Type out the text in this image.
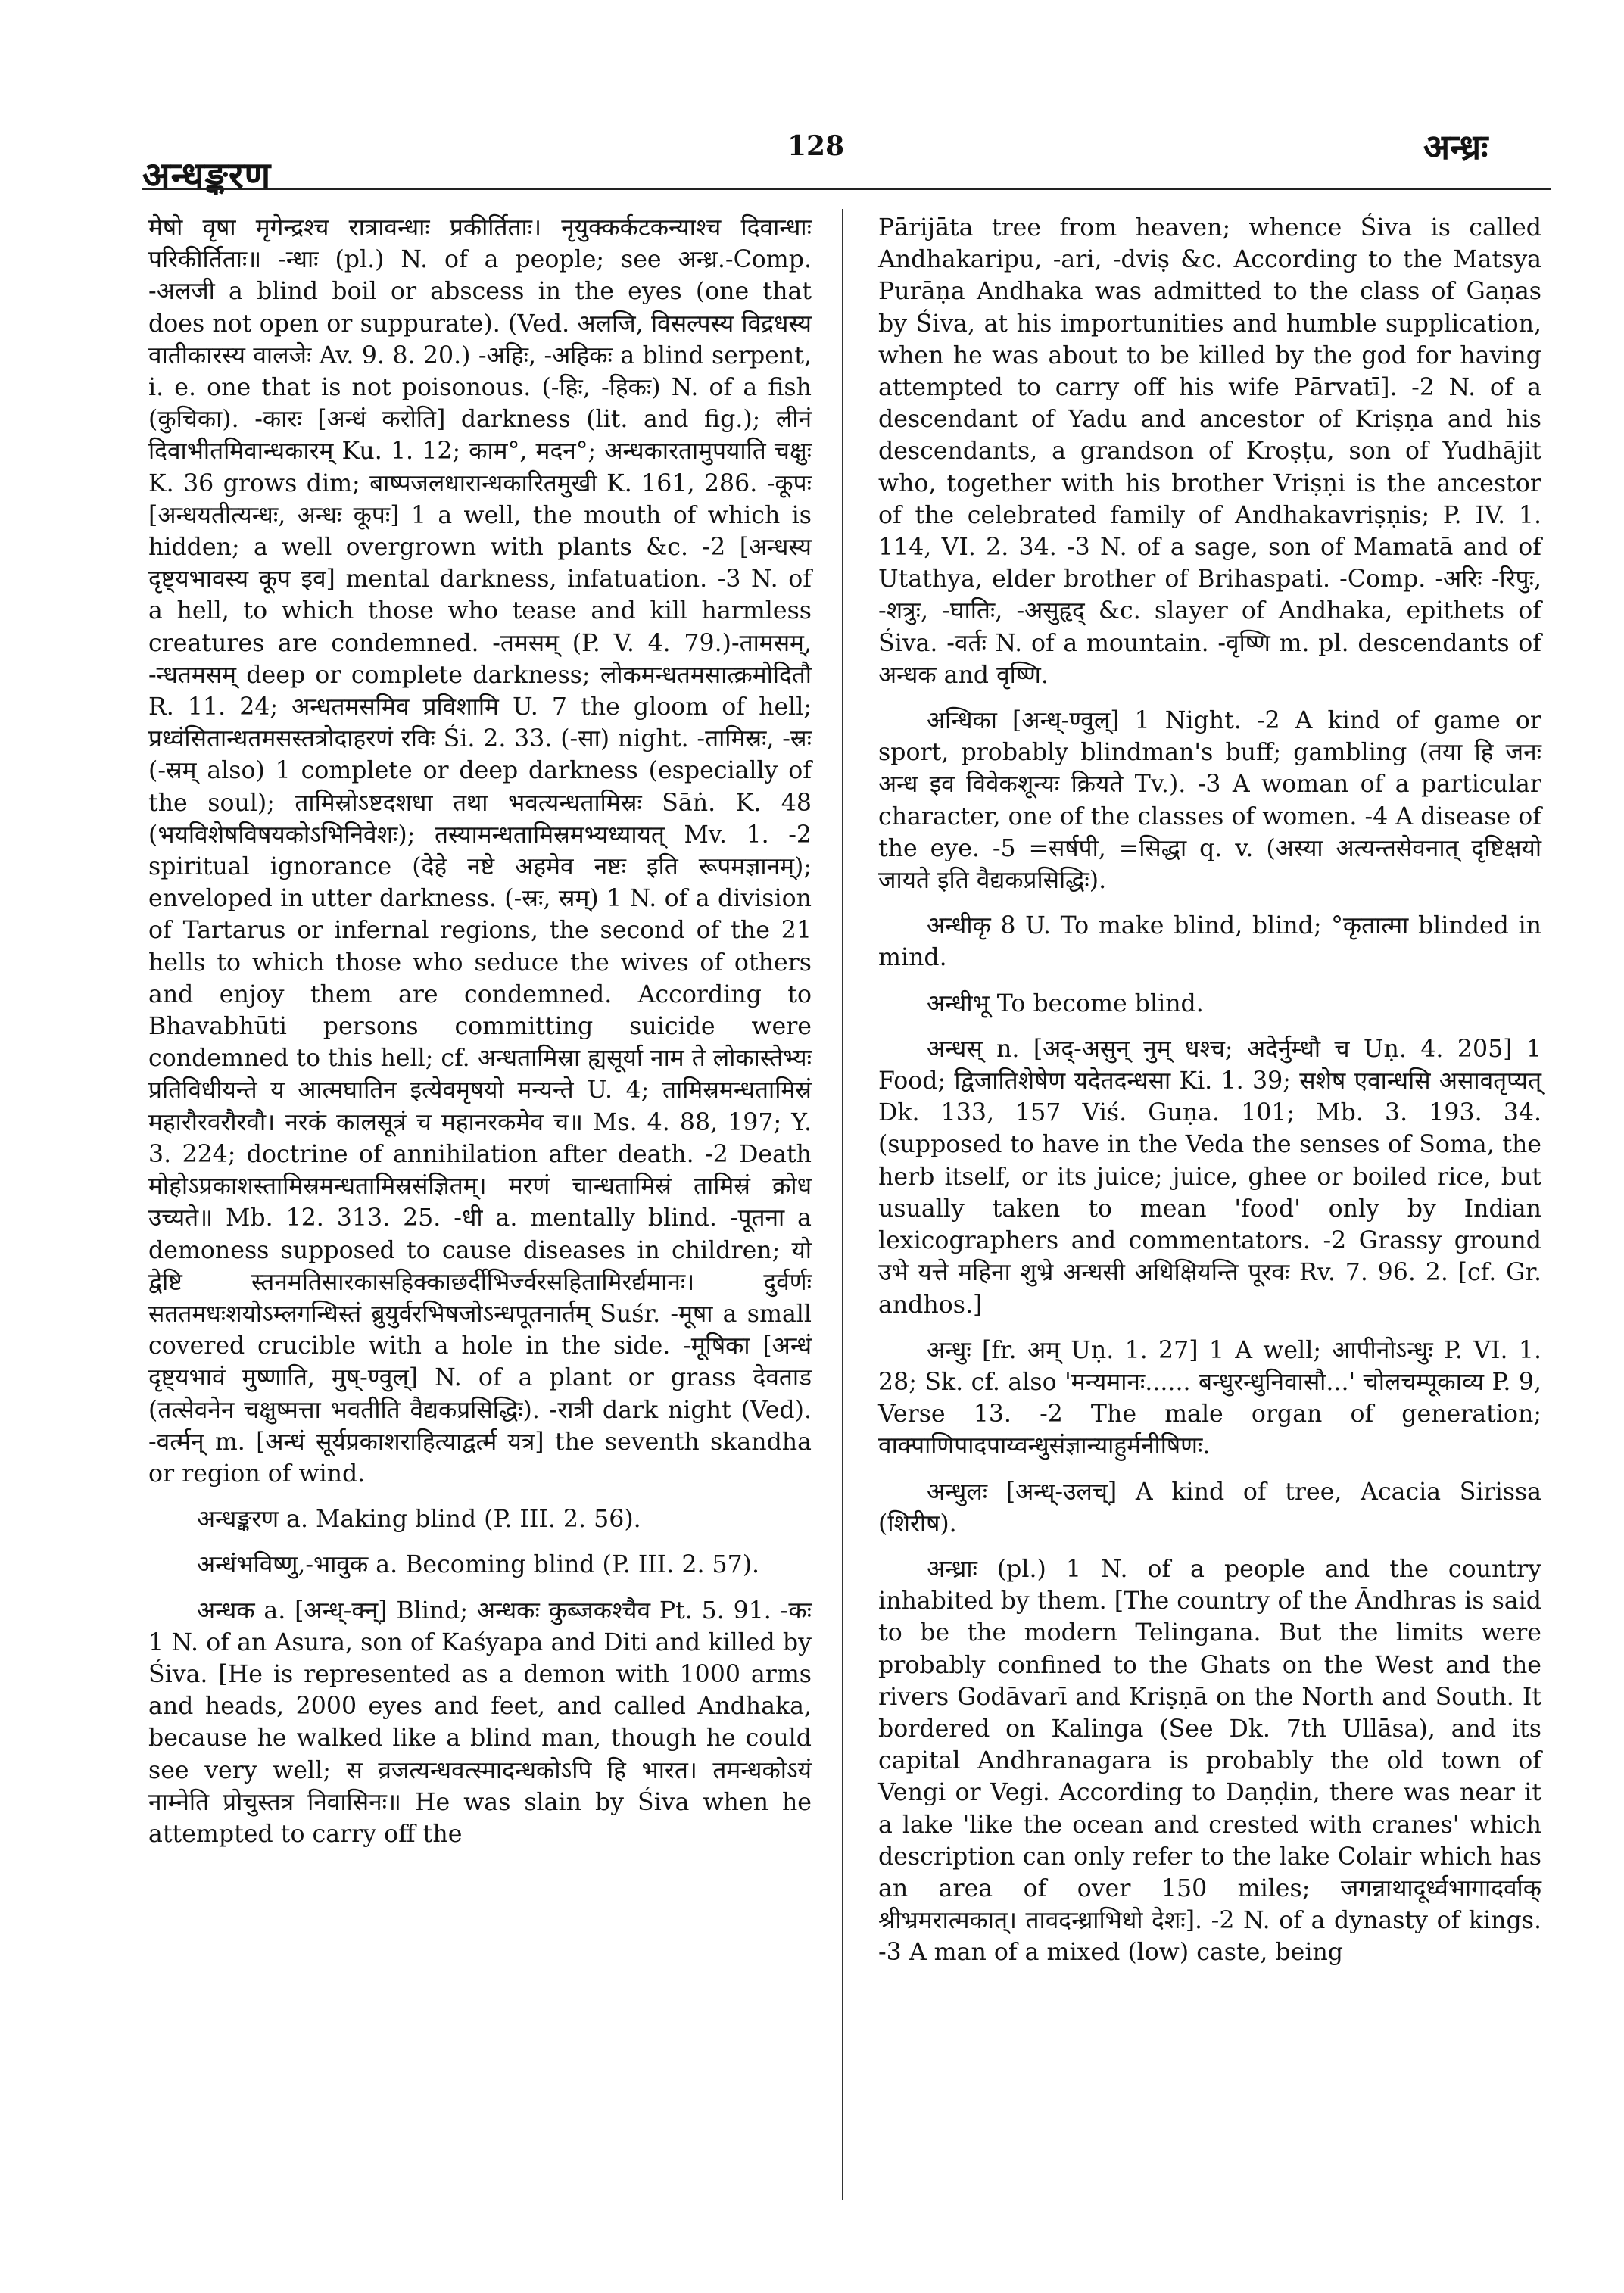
अन्धङ्करण
128	अन्ध्रः

मेषो वृषा मृगेन्द्रश्च रात्रावन्धाः प्रकीर्तिताः। नृयुक्कर्कटकन्याश्च दिवान्धाः परिकीर्तिताः॥ -न्धाः (pl.) N. of a people; see अन्ध्र.-Comp. -अलजी a blind boil or abscess in the eyes (one that does not open or suppurate). (Ved. अलजि, विसल्पस्य विद्रधस्य वातीकारस्य वालजेः Av. 9. 8. 20.) -अहिः, -अहिकः a blind serpent, i. e. one that is not poisonous. (-हिः, -हिकः) N. of a fish (कुचिका). -कारः [अन्धं करोति] darkness (lit. and fig.); लीनं दिवाभीतमिवान्धकारम् Ku. 1. 12; काम°, मदन°; अन्धकारतामुपयाति चक्षुः K. 36 grows dim; बाष्पजलधारान्धकारितमुखी K. 161, 286. -कूपः [अन्धयतीत्यन्धः, अन्धः कूपः] 1 a well, the mouth of which is hidden; a well overgrown with plants &c. -2 [अन्धस्य दृष्ट्यभावस्य कूप इव] mental darkness, infatuation. -3 N. of a hell, to which those who tease and kill harmless creatures are condemned. -तमसम् (P. V. 4. 79.)-तामसम्, -न्धतमसम् deep or complete darkness; लोकमन्धतमसात्क्रमोदितौ R. 11. 24; अन्धतमसमिव प्रविशामि U. 7 the gloom of hell; प्रध्वंसितान्धतमसस्तत्रोदाहरणं रविः Śi. 2. 33. (-सा) night. -तामिस्रः, -स्रः (-स्रम् also) 1 complete or deep darkness (especially of the soul); तामिस्रोऽष्टदशधा तथा भवत्यन्धतामिस्रः Sāṅ. K. 48 (भयविशेषविषयकोऽभिनिवेशः); तस्यामन्धतामिस्रमभ्यध्यायत् Mv. 1. -2 spiritual ignorance (देहे नष्टे अहमेव नष्टः इति रूपमज्ञानम्); enveloped in utter darkness. (-स्रः, स्रम्) 1 N. of a division of Tartarus or infernal regions, the second of the 21 hells to which those who seduce the wives of others and enjoy them are condemned. According to Bhavabhūti persons committing suicide were condemned to this hell; cf. अन्धतामिस्रा ह्यसूर्या नाम ते लोकास्तेभ्यः प्रतिविधीयन्ते य आत्मघातिन इत्येवमृषयो मन्यन्ते U. 4; तामिस्रमन्धतामिस्रं महारौरवरौरवौ। नरकं कालसूत्रं च महानरकमेव च॥ Ms. 4. 88, 197; Y. 3. 224; doctrine of annihilation after death. -2 Death मोहोऽप्रकाशस्तामिस्रमन्धतामिस्रसंज्ञितम्। मरणं चान्धतामिस्रं तामिस्रं क्रोध उच्यते॥ Mb. 12. 313. 25. -धी a. mentally blind. -पूतना a demoness supposed to cause diseases in children; यो द्वेष्टि स्तनमतिसारकासहिक्काछर्दीभिर्ज्वरसहितामिरर्द्यमानः। दुर्वर्णः सततमधःशयोऽम्लगन्धिस्तं ब्रुयुर्वरभिषजोऽन्धपूतनार्तम् Suśr. -मूषा a small covered crucible with a hole in the side. -मूषिका [अन्धं दृष्ट्यभावं मुष्णाति, मुष्-ण्वुल्] N. of a plant or grass देवताड (तत्सेवनेन चक्षुष्मत्ता भवतीति वैद्यकप्रसिद्धिः). -रात्री dark night (Ved). -वर्त्मन् m. [अन्धं सूर्यप्रकाशराहित्याद्वर्त्म यत्र] the seventh skandha or region of wind.

अन्धङ्करण a. Making blind (P. III. 2. 56).

अन्धंभविष्णु,-भावुक a. Becoming blind (P. III. 2. 57).

अन्धक a. [अन्ध्-क्न्] Blind; अन्धकः कुब्जकश्चैव Pt. 5. 91. -कः 1 N. of an Asura, son of Kaśyapa and Diti and killed by Śiva. [He is represented as a demon with 1000 arms and heads, 2000 eyes and feet, and called Andhaka, because he walked like a blind man, though he could see very well; स व्रजत्यन्धवत्स्मादन्धकोऽपि हि भारत। तमन्धकोऽयं नाम्नेति प्रोचुस्तत्र निवासिनः॥ He was slain by Śiva when he attempted to carry off the

Pārijāta tree from heaven; whence Śiva is called Andhakaripu, -ari, -dviṣ &c. According to the Matsya Purāṇa Andhaka was admitted to the class of Gaṇas by Śiva, at his importunities and humble supplication, when he was about to be killed by the god for having attempted to carry off his wife Pārvatī]. -2 N. of a descendant of Yadu and ancestor of Kriṣṇa and his descendants, a grandson of Kroṣṭu, son of Yudhājit who, together with his brother Vriṣṇi is the ancestor of the celebrated family of Andhakavriṣṇis; P. IV. 1. 114, VI. 2. 34. -3 N. of a sage, son of Mamatā and of Utathya, elder brother of Brihaspati. -Comp. -अरिः -रिपुः, -शत्रुः, -घातिः, -असुहृद् &c. slayer of Andhaka, epithets of Śiva. -वर्तः N. of a mountain. -वृष्णि m. pl. descendants of अन्धक and वृष्णि.

अन्धिका [अन्ध्-ण्वुल्] 1 Night. -2 A kind of game or sport, probably blindman's buff; gambling (तया हि जनः अन्ध इव विवेकशून्यः क्रियते Tv.). -3 A woman of a particular character, one of the classes of women. -4 A disease of the eye. -5 =सर्षपी, =सिद्धा q. v. (अस्या अत्यन्तसेवनात् दृष्टिक्षयो जायते इति वैद्यकप्रसिद्धिः).

अन्धीकृ 8 U. To make blind, blind; °कृतात्मा blinded in mind.

अन्धीभू To become blind.

अन्धस् n. [अद्-असुन् नुम् धश्च; अदेर्नुम्धौ च Uṇ. 4. 205] 1 Food; द्विजातिशेषेण यदेतदन्धसा Ki. 1. 39; सशेष एवान्धसि असावतृप्यत् Dk. 133, 157 Viś. Guṇa. 101; Mb. 3. 193. 34. (supposed to have in the Veda the senses of Soma, the herb itself, or its juice; juice, ghee or boiled rice, but usually taken to mean 'food' only by Indian lexicographers and commentators. -2 Grassy ground उभे यत्ते महिना शुभ्रे अन्धसी अधिक्षियन्ति पूरवः Rv. 7. 96. 2. [cf. Gr. andhos.]

अन्धुः [fr. अम् Uṇ. 1. 27] 1 A well; आपीनोऽन्धुः P. VI. 1. 28; Sk. cf. also 'मन्यमानः...... बन्धुरन्धुनिवासौ...' चोलचम्पूकाव्य P. 9, Verse 13. -2 The male organ of generation; वाक्पाणिपादपाय्वन्धुसंज्ञान्याहुर्मनीषिणः.

अन्धुलः [अन्ध्-उलच्] A kind of tree, Acacia Sirissa (शिरीष).

अन्ध्राः (pl.) 1 N. of a people and the country inhabited by them. [The country of the Āndhras is said to be the modern Telingana. But the limits were probably confined to the Ghats on the West and the rivers Godāvarī and Kriṣṇā on the North and South. It bordered on Kalinga (See Dk. 7th Ullāsa), and its capital Andhranagara is probably the old town of Vengi or Vegi. According to Daṇḍin, there was near it a lake 'like the ocean and crested with cranes' which description can only refer to the lake Colair which has an area of over 150 miles; जगन्नाथादूर्ध्वभागादर्वाक् श्रीभ्रमरात्मकात्। तावदन्ध्राभिधो देशः]. -2 N. of a dynasty of kings. -3 A man of a mixed (low) caste, being
